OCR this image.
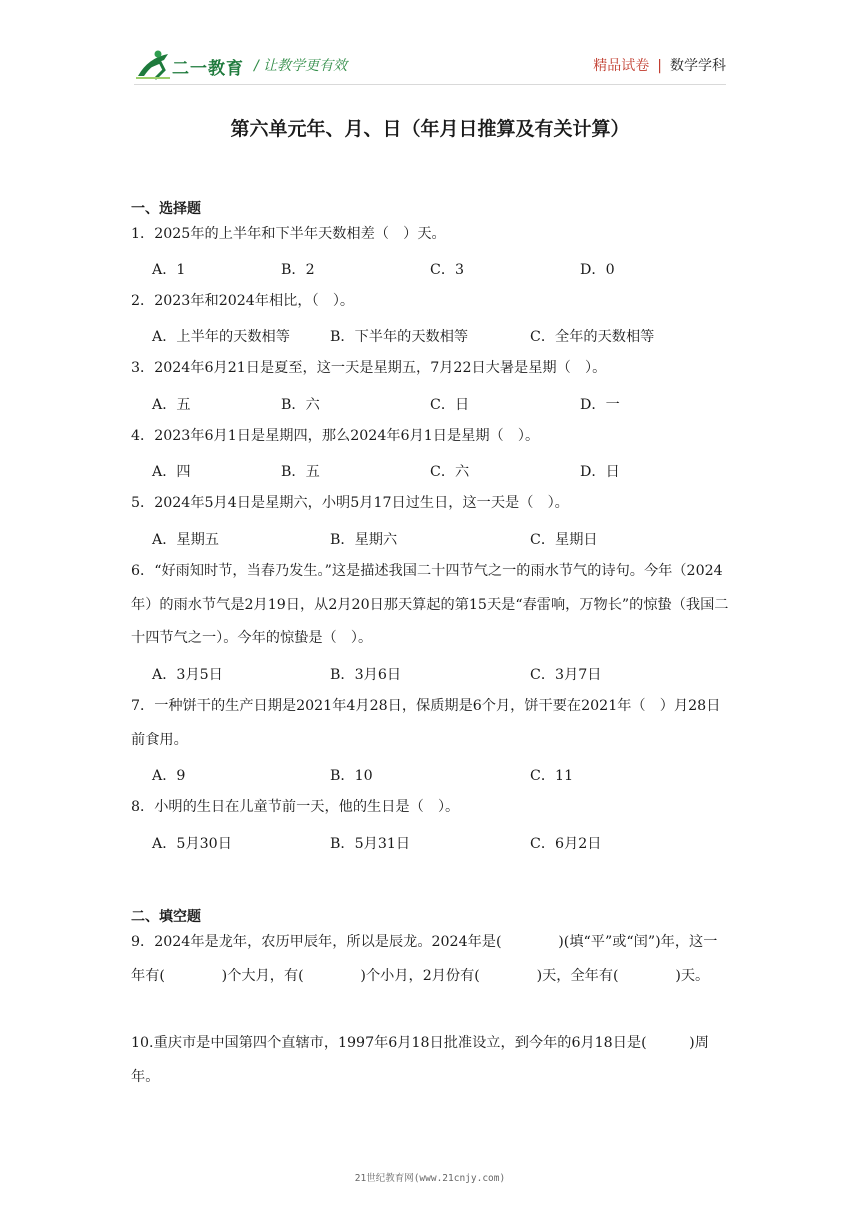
二一教育 / 让教学更有效	精品试卷 | 数学学科
第六单元年、月、日（年月日推算及有关计算）
一、选择题
1．2025年的上半年和下半年天数相差（　）天。
A．1	B．2	C．3	D．0
2．2023年和2024年相比，（　）。
A．上半年的天数相等	B．下半年的天数相等	C．全年的天数相等
3．2024年6月21日是夏至，这一天是星期五，7月22日大暑是星期（　）。
A．五	B．六	C．日	D．一
4．2023年6月1日是星期四，那么2024年6月1日是星期（　）。
A．四	B．五	C．六	D．日
5．2024年5月4日是星期六，小明5月17日过生日，这一天是（　）。
A．星期五	B．星期六	C．星期日
6．“好雨知时节，当春乃发生。”这是描述我国二十四节气之一的雨水节气的诗句。今年（2024年）的雨水节气是2月19日，从2月20日那天算起的第15天是“春雷响，万物长”的惊蛰（我国二十四节气之一）。今年的惊蛰是（　）。
A．3月5日	B．3月6日	C．3月7日
7．一种饼干的生产日期是2021年4月28日，保质期是6个月，饼干要在2021年（　）月28日前食用。
A．9	B．10	C．11
8．小明的生日在儿童节前一天，他的生日是（　）。
A．5月30日	B．5月31日	C．6月2日
二、填空题
9．2024年是龙年，农历甲辰年，所以是辰龙。2024年是(　　　　)(填“平”或“闰”)年，这一年有(　　　　)个大月，有(　　　　)个小月，2月份有(　　　　)天，全年有(　　　　)天。
10.重庆市是中国第四个直辖市，1997年6月18日批准设立，到今年的6月18日是(　　　)周年。
21世纪教育网(www.21cnjy.com)
